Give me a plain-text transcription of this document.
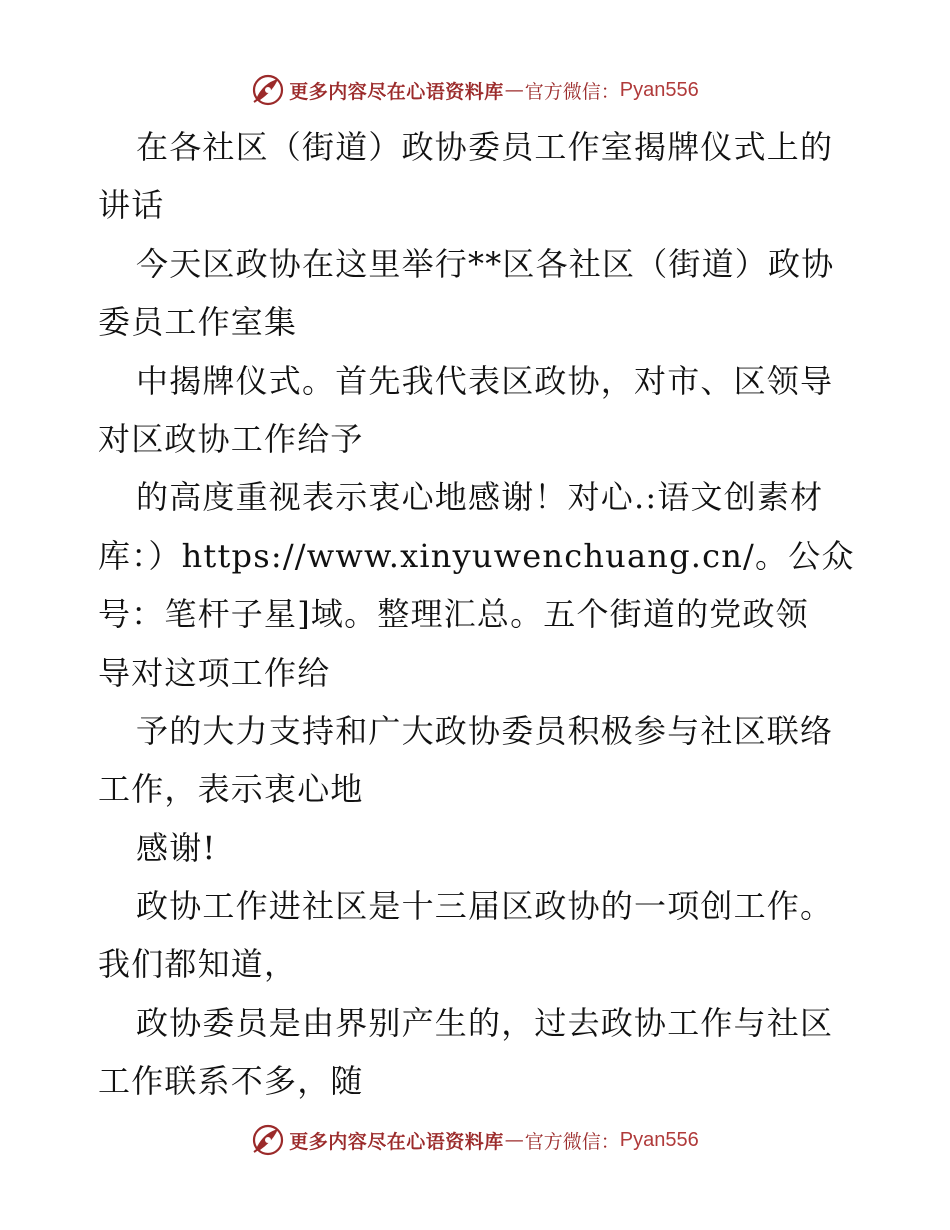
更多内容尽在心语资料库 — 官方微信： Pyan556
在各社区（街道）政协委员工作室揭牌仪式上的
讲话
今天区政协在这里举行**区各社区（街道）政协
委员工作室集
中揭牌仪式。首先我代表区政协，对市、区领导
对区政协工作给予
的高度重视表示衷心地感谢！对心.:语文创素材
库：）https://www.xinyuwenchuang.cn/。公众
号：笔杆子星]域。整理汇总。五个街道的党政领
导对这项工作给
予的大力支持和广大政协委员积极参与社区联络
工作，表示衷心地
感谢!
政协工作进社区是十三届区政协的一项创工作。
我们都知道，
政协委员是由界别产生的，过去政协工作与社区
工作联系不多，随
更多内容尽在心语资料库 — 官方微信： Pyan556
